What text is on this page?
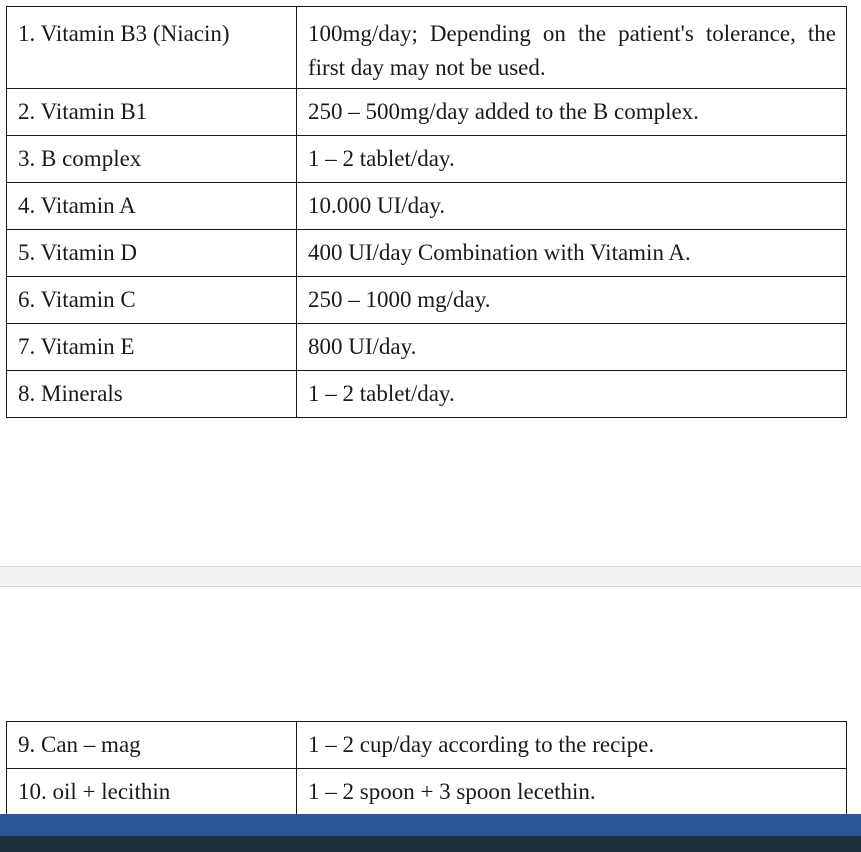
1. Vitamin B3 (Niacin)	100mg/day; Depending on the patient's tolerance, the first day may not be used.
2. Vitamin B1	250 – 500mg/day added to the B complex.
3. B complex	1 – 2 tablet/day.
4. Vitamin A	10.000 UI/day.
5. Vitamin D	400 UI/day Combination with Vitamin A.
6. Vitamin C	250 – 1000 mg/day.
7. Vitamin E	800 UI/day.
8. Minerals	1 – 2 tablet/day.
9. Can – mag	1 – 2 cup/day according to the recipe.
10. oil + lecithin	1 – 2 spoon + 3 spoon lecethin.
